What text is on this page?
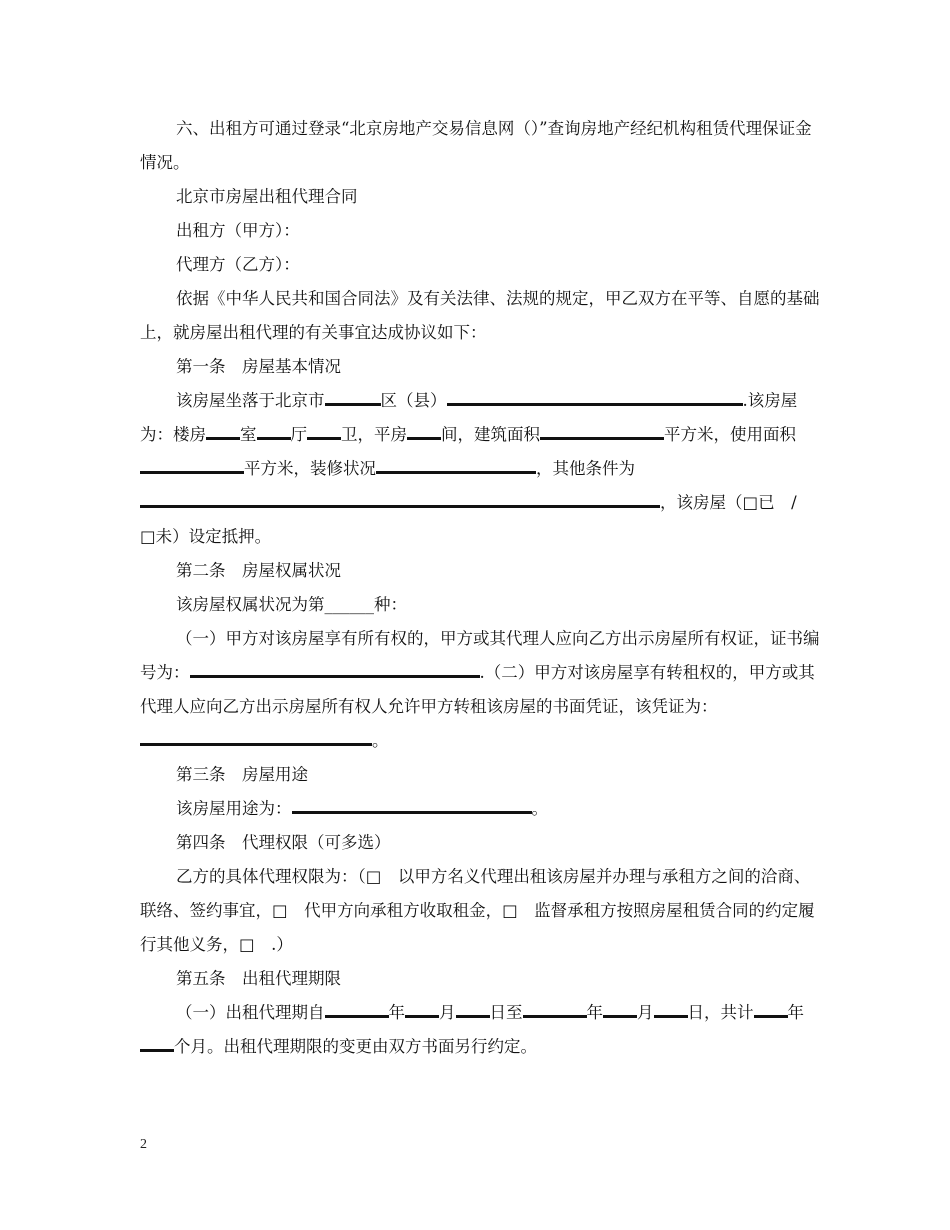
六、出租方可通过登录“北京房地产交易信息网（）”查询房地产经纪机构租赁代理保证金情况。

北京市房屋出租代理合同

出租方（甲方）：

代理方（乙方）：

依据《中华人民共和国合同法》及有关法律、法规的规定，甲乙双方在平等、自愿的基础上，就房屋出租代理的有关事宜达成协议如下：

第一条　房屋基本情况

该房屋坐落于北京市	区（县）	.该房屋为：楼房 室 厅 卫，平房 间，建筑面积	平方米，使用面积平方米，装修状况	，其他条件为，该房屋（□已　/　□未）设定抵押。

第二条　房屋权属状况

该房屋权属状况为第______种：

（一）甲方对该房屋享有所有权的，甲方或其代理人应向乙方出示房屋所有权证，证书编号为：	.（二）甲方对该房屋享有转租权的，甲方或其代理人应向乙方出示房屋所有权人允许甲方转租该房屋的书面凭证，该凭证为：。

第三条　房屋用途

该房屋用途为：	。

第四条　代理权限（可多选）

乙方的具体代理权限为：（□　以甲方名义代理出租该房屋并办理与承租方之间的洽商、联络、签约事宜，□　代甲方向承租方收取租金，□　监督承租方按照房屋租赁合同的约定履行其他义务，□　.）

第五条　出租代理期限

（一）出租代理期自	年 月 日至	年 月 日，共计 年个月。出租代理期限的变更由双方书面另行约定。

2
